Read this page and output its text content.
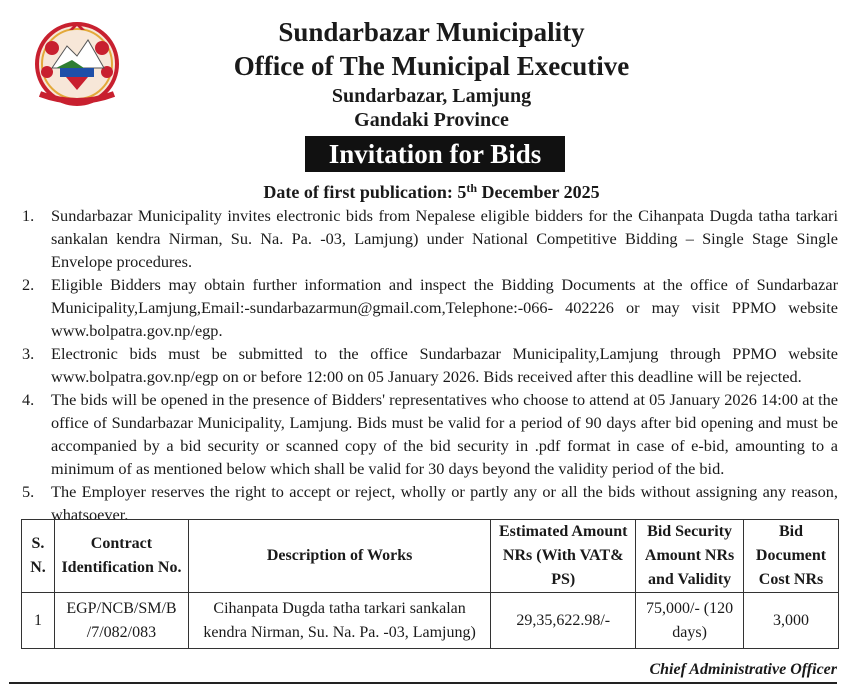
Sundarbazar Municipality
Office of The Municipal Executive
Sundarbazar, Lamjung
Gandaki Province
Invitation for Bids
Date of first publication: 5th December 2025
1. Sundarbazar Municipality invites electronic bids from Nepalese eligible bidders for the Cihanpata Dugda tatha tarkari sankalan kendra Nirman, Su. Na. Pa. -03, Lamjung) under National Competitive Bidding – Single Stage Single Envelope procedures.
2. Eligible Bidders may obtain further information and inspect the Bidding Documents at the office of Sundarbazar Municipality,Lamjung,Email:-sundarbazarmun@gmail.com,Telephone:-066- 402226 or may visit PPMO website www.bolpatra.gov.np/egp.
3. Electronic bids must be submitted to the office Sundarbazar Municipality,Lamjung through PPMO website www.bolpatra.gov.np/egp on or before 12:00 on 05 January 2026. Bids received after this deadline will be rejected.
4. The bids will be opened in the presence of Bidders' representatives who choose to attend at 05 January 2026 14:00 at the office of Sundarbazar Municipality, Lamjung. Bids must be valid for a period of 90 days after bid opening and must be accompanied by a bid security or scanned copy of the bid security in .pdf format in case of e-bid, amounting to a minimum of as mentioned below which shall be valid for 30 days beyond the validity period of the bid.
5. The Employer reserves the right to accept or reject, wholly or partly any or all the bids without assigning any reason, whatsoever.
S. N.	Contract Identification No.	Description of Works	Estimated Amount NRs (With VAT& PS)	Bid Security Amount NRs and Validity	Bid Document Cost NRs
1	EGP/NCB/SM/B /7/082/083	Cihanpata Dugda tatha tarkari sankalan kendra Nirman, Su. Na. Pa. -03, Lamjung)	29,35,622.98/-	75,000/- (120 days)	3,000
Chief Administrative Officer
